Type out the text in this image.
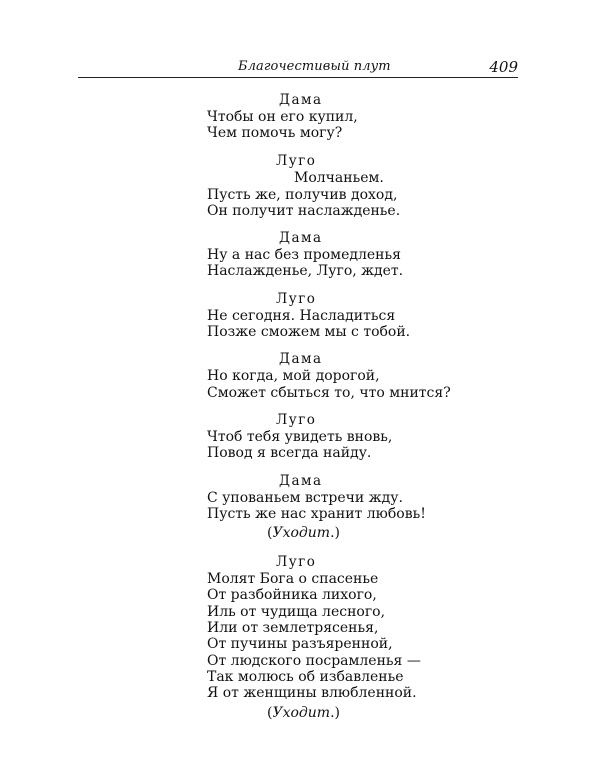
Благочестивый плут	409
Дама
Чтобы он его купил,
Чем помочь могу?
Луго
Молчаньем.
Пусть же, получив доход,
Он получит наслажденье.
Дама
Ну а нас без промедленья
Наслажденье, Луго, ждет.
Луго
Не сегодня. Насладиться
Позже сможем мы с тобой.
Дама
Но когда, мой дорогой,
Сможет сбыться то, что мнится?
Луго
Чтоб тебя увидеть вновь,
Повод я всегда найду.
Дама
С упованьем встречи жду.
Пусть же нас хранит любовь!
(Уходит.)
Луго
Молят Бога о спасенье
От разбойника лихого,
Иль от чудища лесного,
Или от землетрясенья,
От пучины разъяренной,
От людского посрамленья —
Так молюсь об избавленье
Я от женщины влюбленной.
(Уходит.)
